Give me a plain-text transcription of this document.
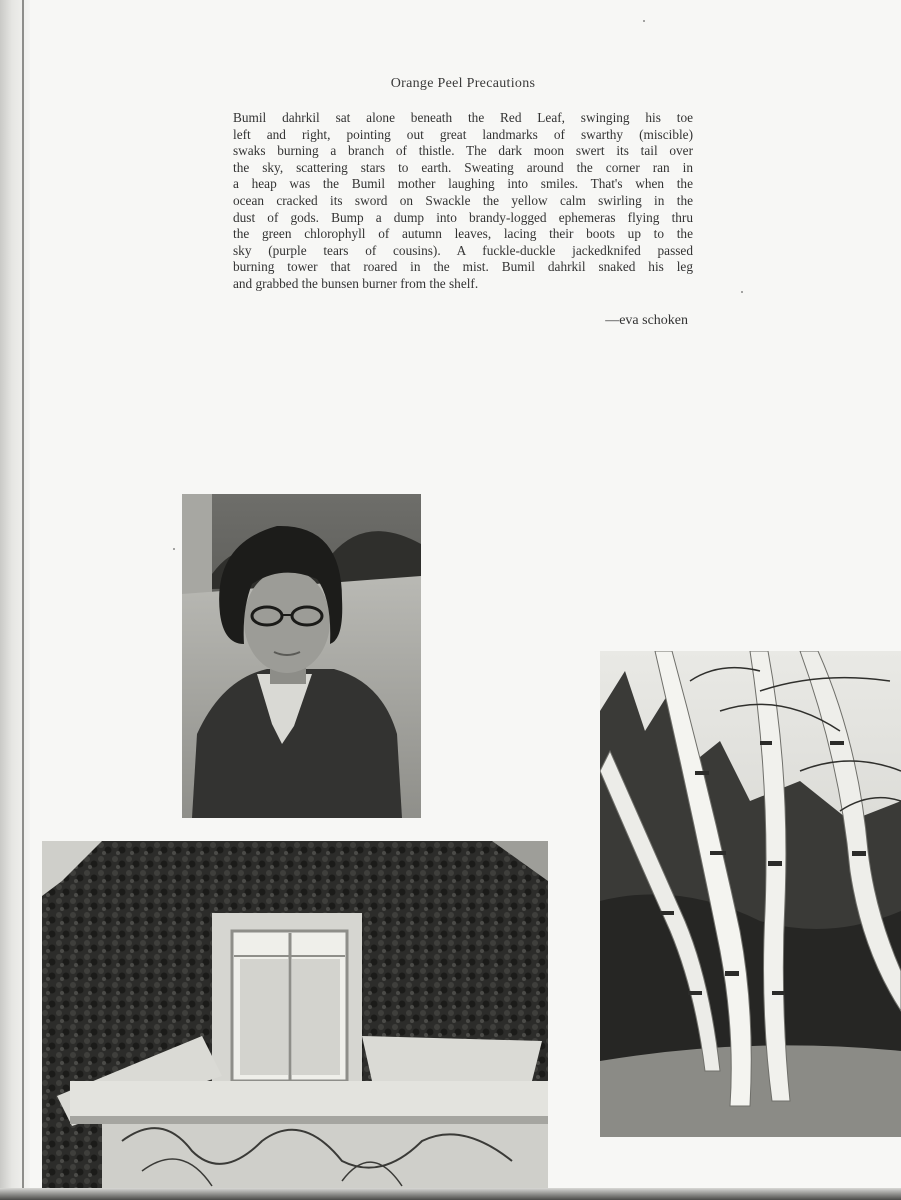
Orange Peel Precautions
Bumil dahrkil sat alone beneath the Red Leaf, swinging his toe
left and right, pointing out great landmarks of swarthy (miscible)
swaks burning a branch of thistle. The dark moon swert its tail over
the sky, scattering stars to earth. Sweating around the corner ran in
a heap was the Bumil mother laughing into smiles. That's when the
ocean cracked its sword on Swackle the yellow calm swirling in the
dust of gods. Bump a dump into brandy-logged ephemeras flying thru
the green chlorophyll of autumn leaves, lacing their boots up to the
sky (purple tears of cousins). A fuckle-duckle jackedknifed passed
burning tower that roared in the mist. Bumil dahrkil snaked his leg
and grabbed the bunsen burner from the shelf.
—eva schoken
